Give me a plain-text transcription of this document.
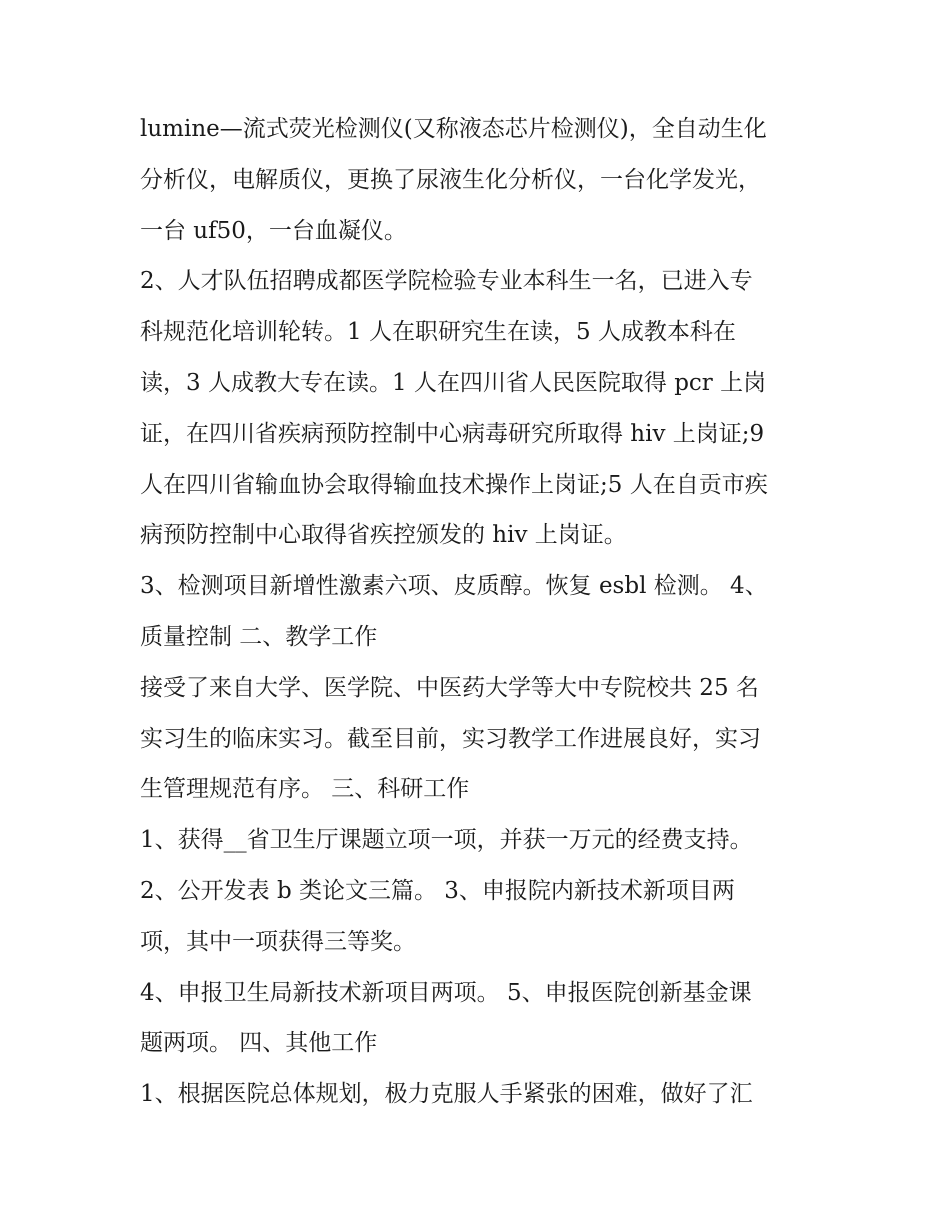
lumine—流式荧光检测仪(又称液态芯片检测仪)，全自动生化
分析仪，电解质仪，更换了尿液生化分析仪，一台化学发光，
一台 uf50，一台血凝仪。
2、人才队伍招聘成都医学院检验专业本科生一名，已进入专
科规范化培训轮转。1 人在职研究生在读，5 人成教本科在
读，3 人成教大专在读。1 人在四川省人民医院取得 pcr 上岗
证，在四川省疾病预防控制中心病毒研究所取得 hiv 上岗证;9
人在四川省输血协会取得输血技术操作上岗证;5 人在自贡市疾
病预防控制中心取得省疾控颁发的 hiv 上岗证。
3、检测项目新增性激素六项、皮质醇。恢复 esbl 检测。 4、
质量控制 二、教学工作
接受了来自大学、医学院、中医药大学等大中专院校共 25 名
实习生的临床实习。截至目前，实习教学工作进展良好，实习
生管理规范有序。 三、科研工作
1、获得__省卫生厅课题立项一项，并获一万元的经费支持。
2、公开发表 b 类论文三篇。 3、申报院内新技术新项目两
项，其中一项获得三等奖。
4、申报卫生局新技术新项目两项。 5、申报医院创新基金课
题两项。 四、其他工作
1、根据医院总体规划，极力克服人手紧张的困难，做好了汇
